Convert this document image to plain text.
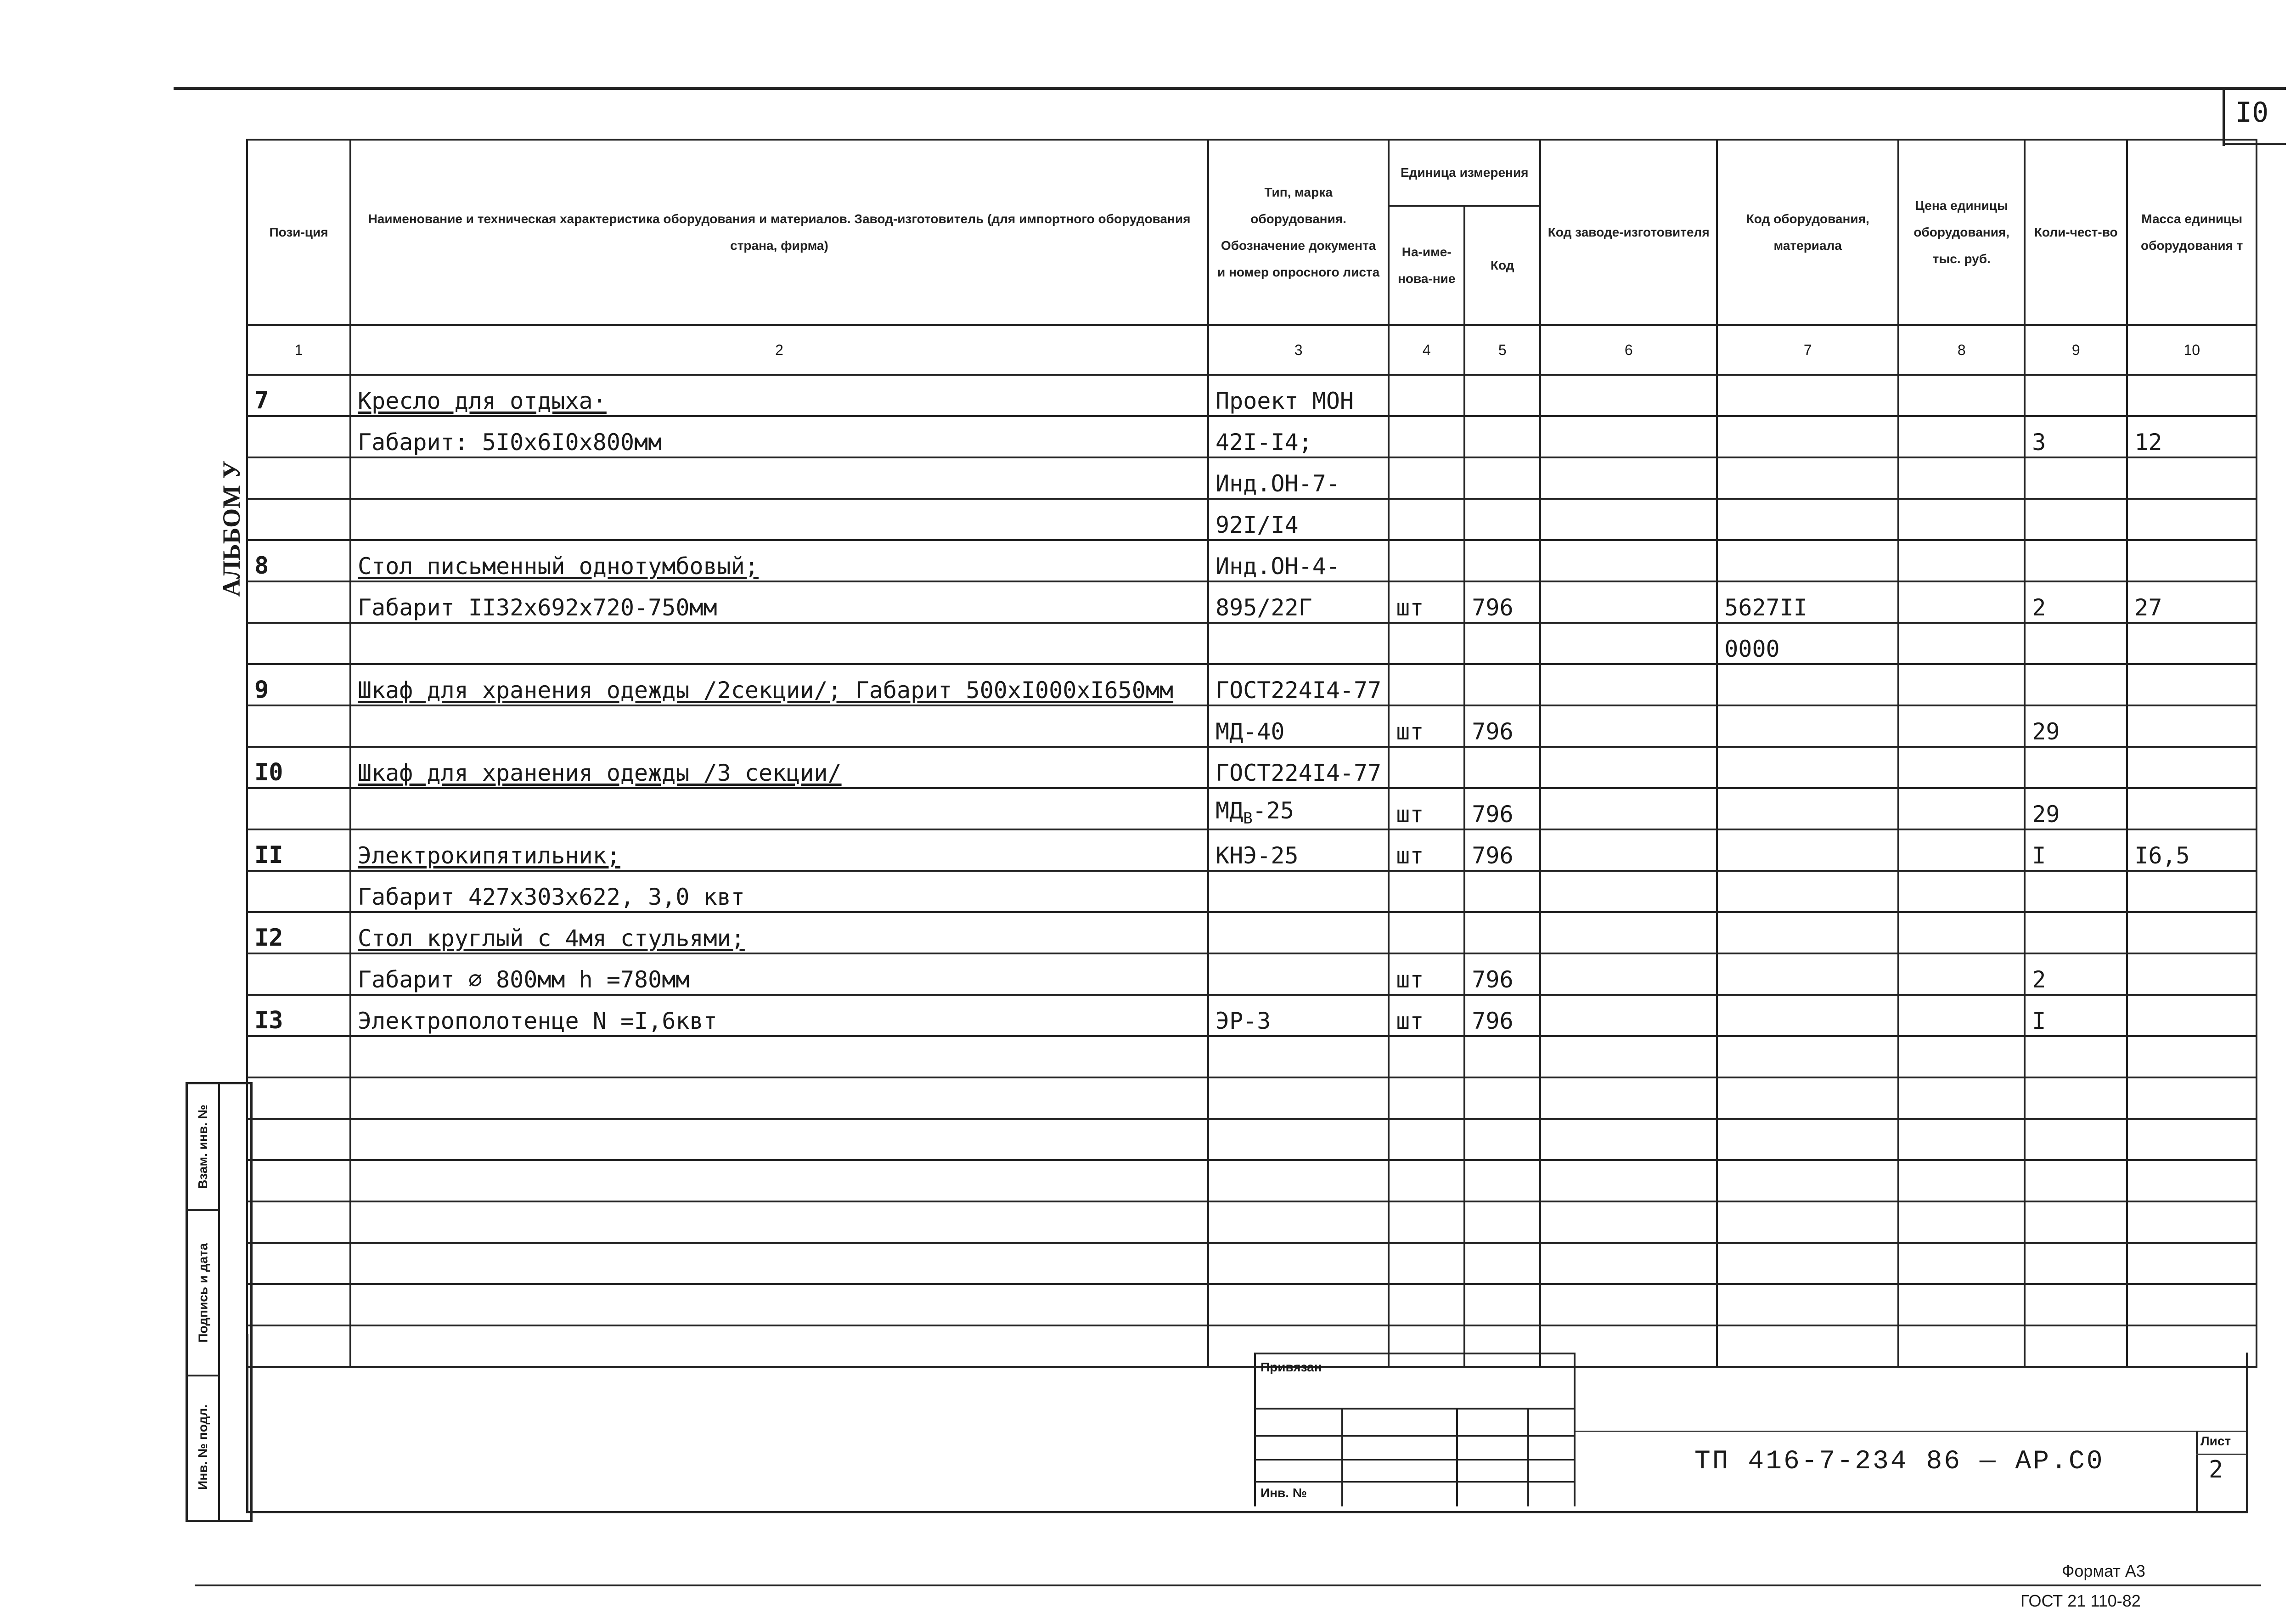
I0
АЛЬБОМ У
Пози-ция	Наименование и техническая характеристика оборудования и материалов. Завод-изготовитель (для импортного оборудования страна, фирма)	Тип, марка оборудования. Обозначение документа и номер опросного листа	Единица измерения		Код заводе-изготовителя	Код оборудования, материала	Цена единицы оборудования, тыс. руб.	Коли-чест-во	Масса единицы оборудования т
			На-име-нова-ние	Код					
1	2	3	4	5	6	7	8	9	10
7	Кресло для отдыха·	Проект МОН							
	Габарит: 5I0х6I0х800мм	42I-I4;						3	12
		Инд.ОН-7-							
		92I/I4							
8	Стол письменный однотумбовый;	Инд.ОН-4-							
	Габарит II32х692х720-750мм	895/22Г	шт	796		5627II		2	27
						0000			
9	Шкаф для хранения одежды /2секции/; Габарит 500хI000хI650мм	ГОСТ224I4-77							
		МД-40	шт	796				29	
I0	Шкаф для хранения одежды /3 секции/	ГОСТ224I4-77							
		$МД_В-25$	шт	796				29	
II	Электрокипятильник;	КНЭ-25	шт	796				I	I6,5
	Габарит 427х303х622, 3,0 квт								
I2	Стол круглый с 4мя стульями;								
	Габарит ∅ 800мм h =780мм		шт	796				2	
I3	Электрополотенце N =I,6квт	ЭР-3	шт	796				I	

Взам. инв. №
Подпись и дата
Инв. № подл.
Привязан
Инв. №
ТП 416-7-234 86 — АР.С0
Лист
2
Формат А3
ГОСТ 21 110-82
